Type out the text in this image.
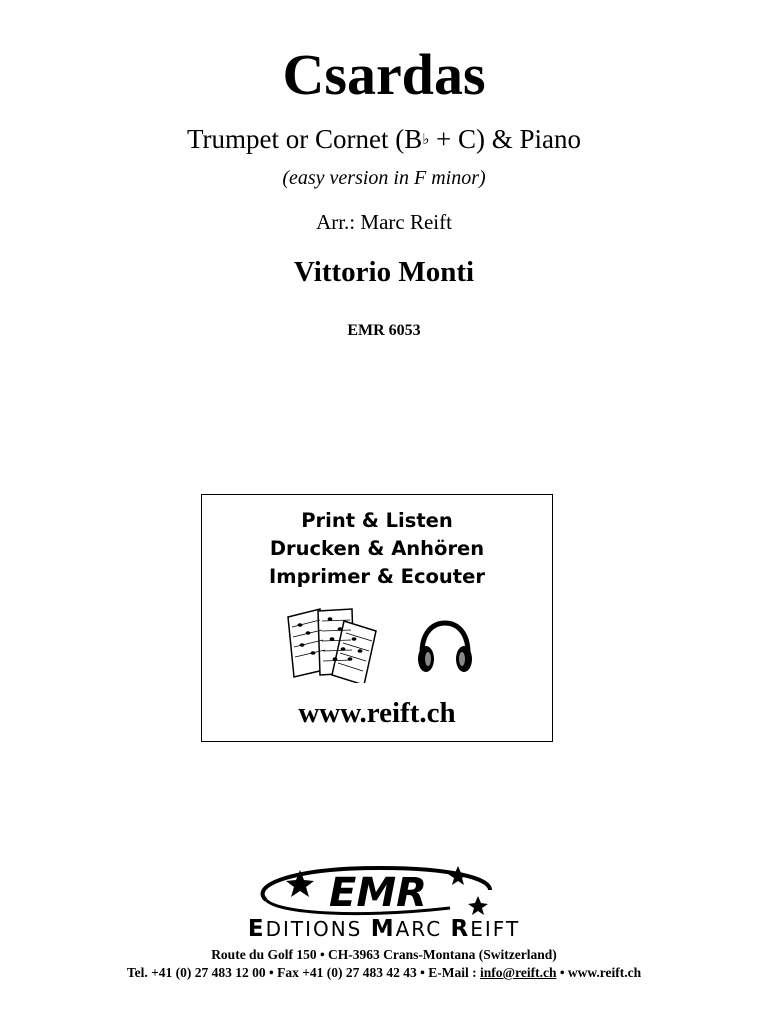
Csardas
Trumpet or Cornet (B♭ + C) & Piano
(easy version in F minor)
Arr.: Marc Reift
Vittorio Monti
EMR 6053
Print & Listen
Drucken & Anhören
Imprimer & Ecouter
www.reift.ch
EMR
EDITIONS MARC REIFT
Route du Golf 150 • CH-3963 Crans-Montana (Switzerland)
Tel. +41 (0) 27 483 12 00 • Fax +41 (0) 27 483 42 43 • E-Mail : info@reift.ch • www.reift.ch
